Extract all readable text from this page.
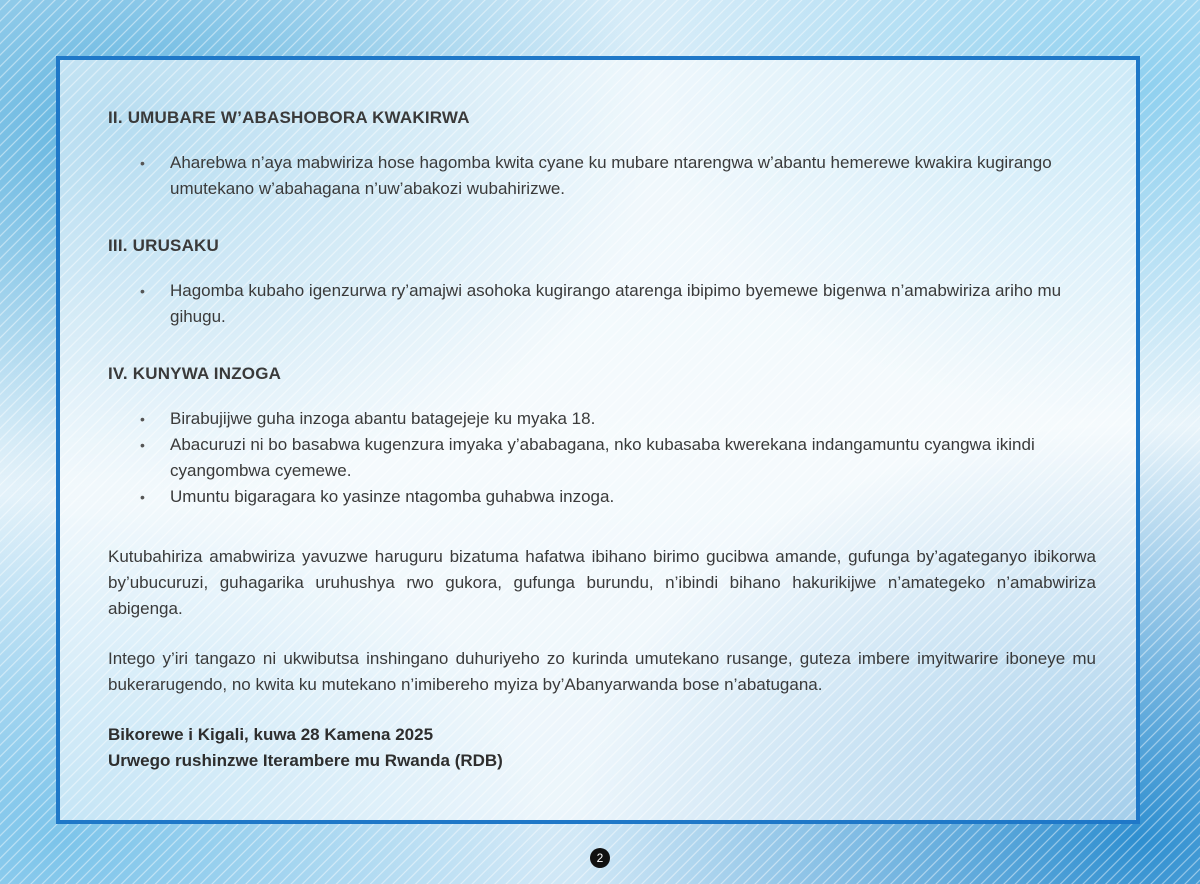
II. UMUBARE W’ABASHOBORA KWAKIRWA
• Aharebwa n’aya mabwiriza hose hagomba kwita cyane ku mubare ntarengwa w’abantu hemerewe kwakira kugirango umutekano w’abahagana n’uw’abakozi wubahirizwe.
III. URUSAKU
• Hagomba kubaho igenzurwa ry’amajwi asohoka kugirango atarenga ibipimo byemewe bigenwa n’amabwiriza ariho mu gihugu.
IV. KUNYWA INZOGA
• Birabujijwe guha inzoga abantu batagejeje ku myaka 18.
• Abacuruzi ni bo basabwa kugenzura imyaka y’ababagana, nko kubasaba kwerekana indangamuntu cyangwa ikindi cyangombwa cyemewe.
• Umuntu bigaragara ko yasinze ntagomba guhabwa inzoga.

Kutubahiriza amabwiriza yavuzwe haruguru bizatuma hafatwa ibihano birimo gucibwa amande, gufunga by’agateganyo ibikorwa by’ubucuruzi, guhagarika uruhushya rwo gukora, gufunga burundu, n’ibindi bihano hakurikijwe n’amategeko n’amabwiriza abigenga.

Intego y’iri tangazo ni ukwibutsa inshingano duhuriyeho zo kurinda umutekano rusange, guteza imbere imyitwarire iboneye mu bukerarugendo, no kwita ku mutekano n’imibereho myiza by’Abanyarwanda bose n’abatugana.

Bikorewe i Kigali, kuwa 28 Kamena 2025
Urwego rushinzwe Iterambere mu Rwanda (RDB)
2
